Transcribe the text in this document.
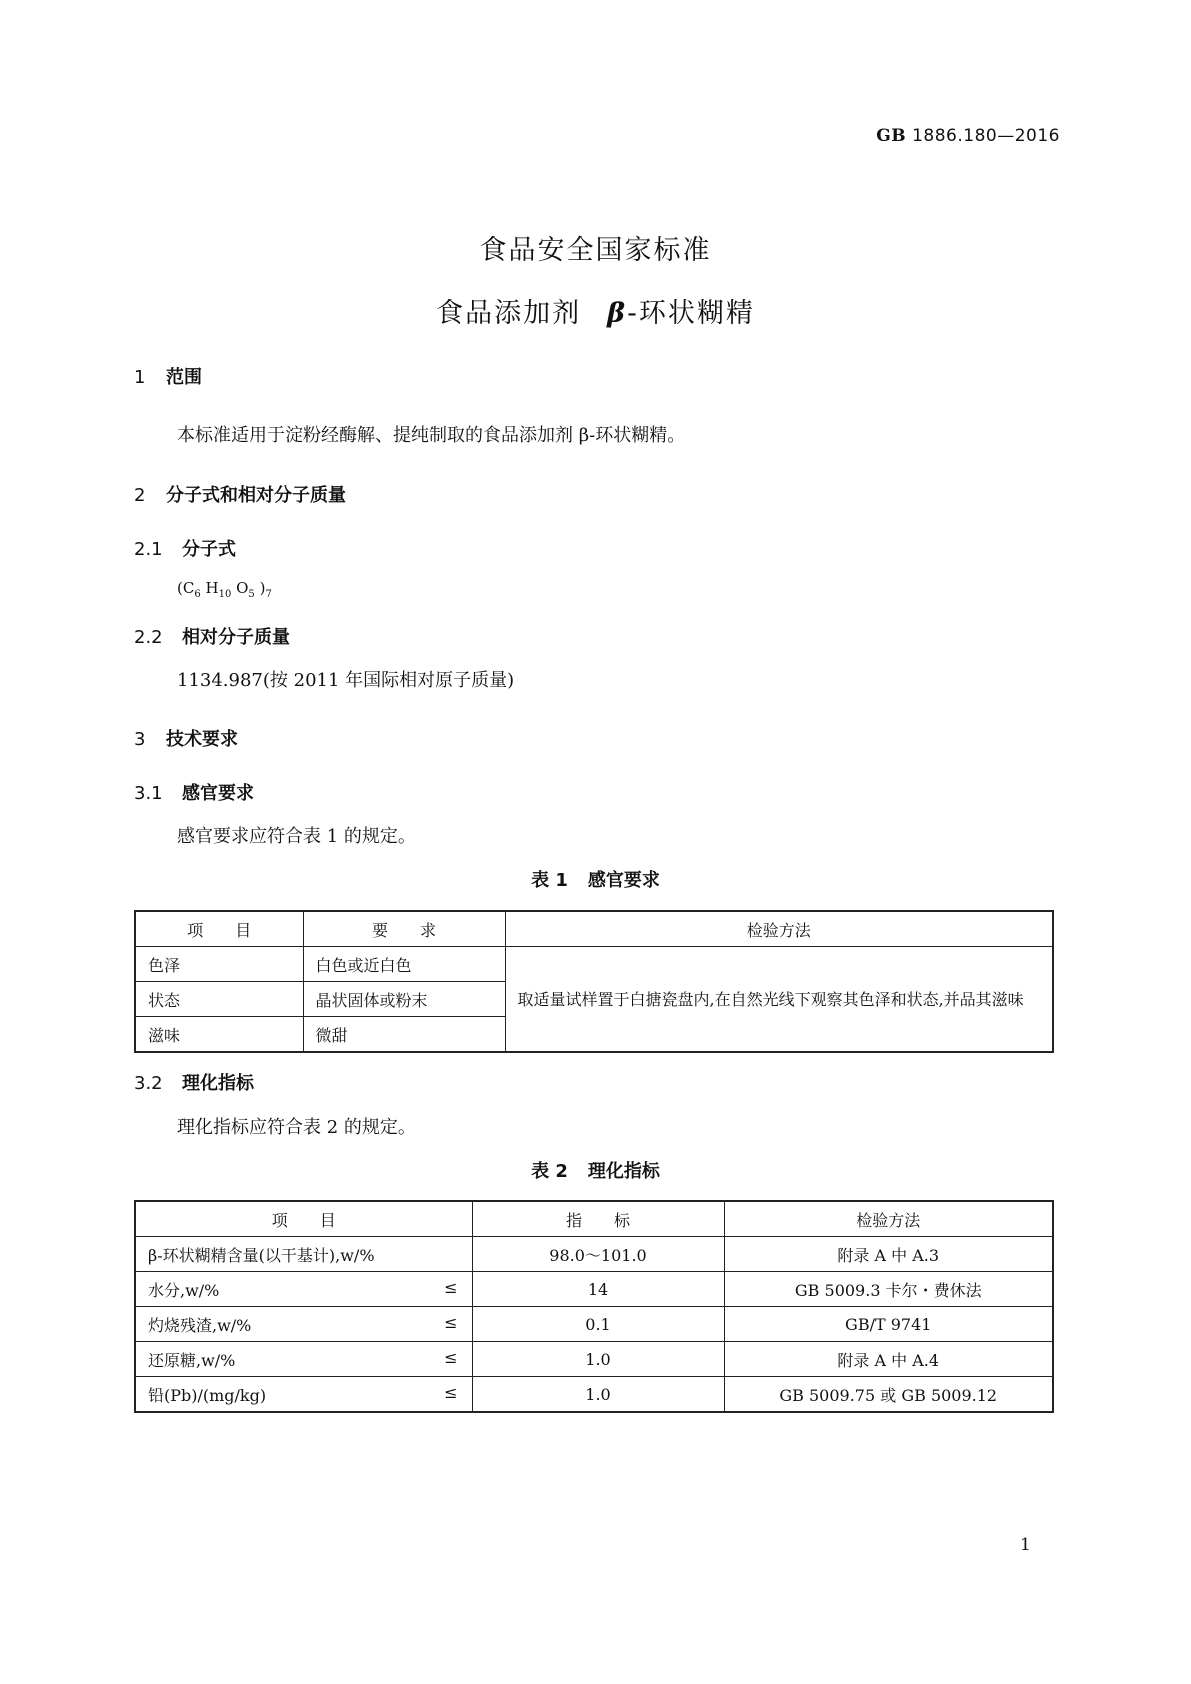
GB 1886.180—2016
食品安全国家标准
食品添加剂 β-环状糊精
1 范围
本标准适用于淀粉经酶解、提纯制取的食品添加剂 β-环状糊精。
2 分子式和相对分子质量
2.1 分子式
($C_6$ $H_{10}$ $O_5$ )$_7$
2.2 相对分子质量
1134.987(按 2011 年国际相对原子质量)
3 技术要求
3.1 感官要求
感官要求应符合表 1 的规定。
表 1 感官要求
项　　目	要　　求	检验方法
色泽	白色或近白色	取适量试样置于白搪瓷盘内,在自然光线下观察其色泽和状态,并品其滋味
状态	晶状固体或粉末	
滋味	微甜	
3.2 理化指标
理化指标应符合表 2 的规定。
表 2 理化指标
项　　目	指　　标	检验方法
β-环状糊精含量(以干基计),w/%	98.0～101.0	附录 A 中 A.3
水分,w/% ≤	14	GB 5009.3 卡尔・费休法
灼烧残渣,w/% ≤	0.1	GB/T 9741
还原糖,w/% ≤	1.0	附录 A 中 A.4
铅(Pb)/(mg/kg) ≤	1.0	GB 5009.75 或 GB 5009.12
1
